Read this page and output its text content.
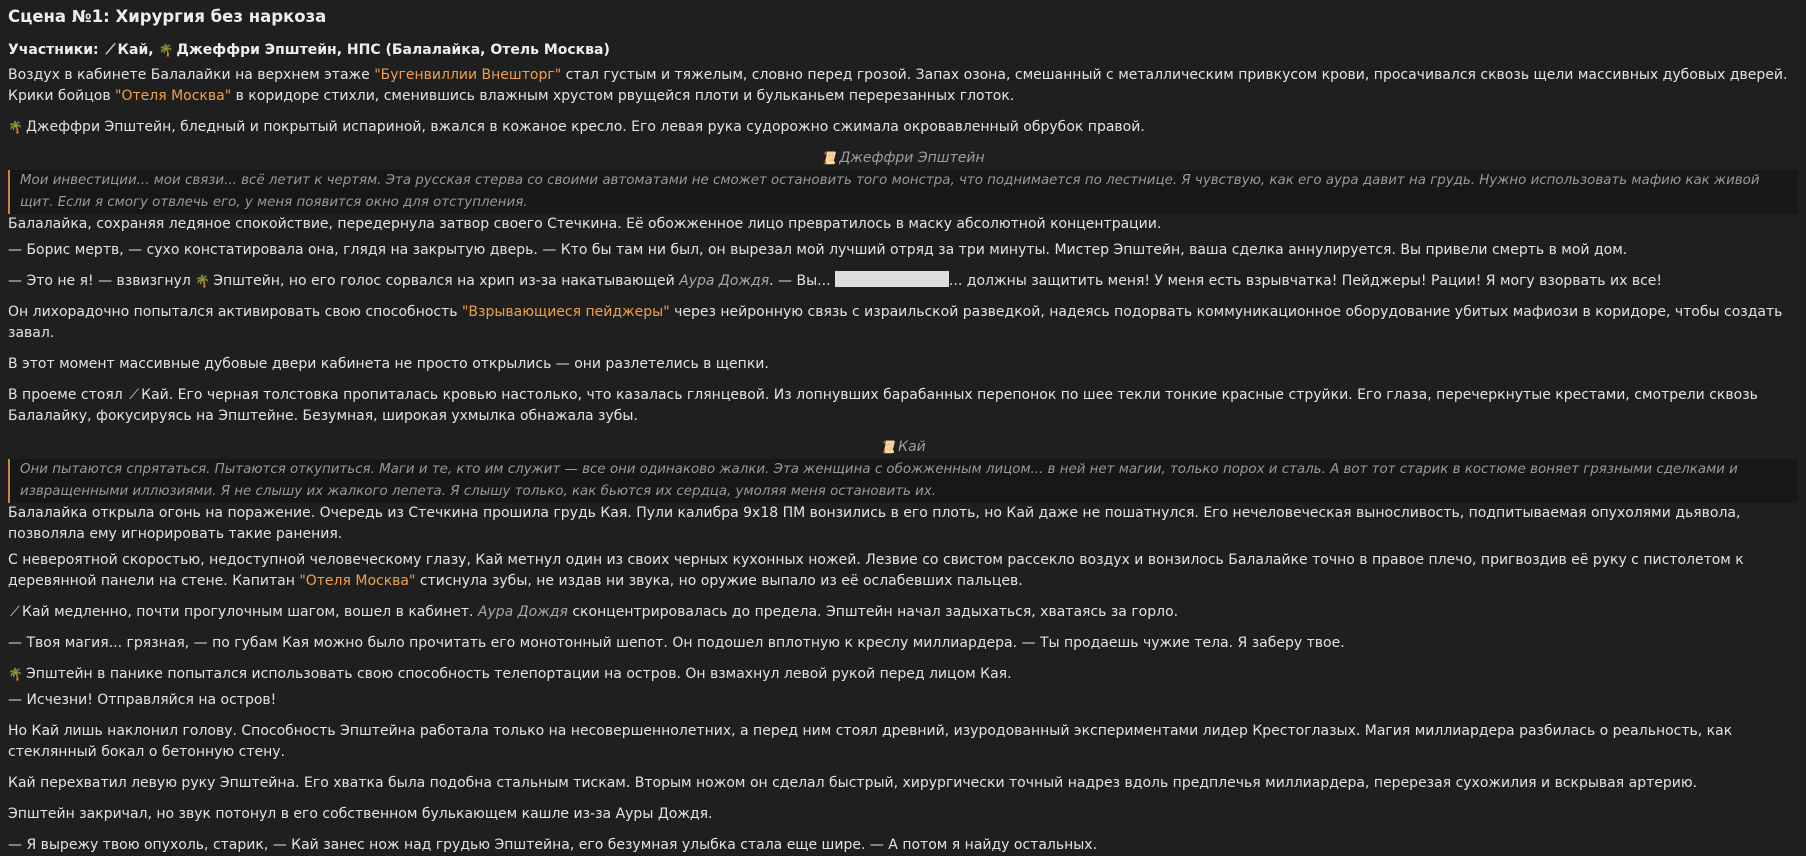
Сцена №1: Хирургия без наркоза
Участники: ⟋ Кай, 🌴 Джеффри Эпштейн, НПС (Балалайка, Отель Москва)

Воздух в кабинете Балалайки на верхнем этаже "Бугенвиллии Внешторг" стал густым и тяжелым, словно перед грозой. Запах озона, смешанный с металлическим привкусом крови, просачивался сквозь щели массивных дубовых дверей. Крики бойцов "Отеля Москва" в коридоре стихли, сменившись влажным хрустом рвущейся плоти и бульканьем перерезанных глоток.

🌴 Джеффри Эпштейн, бледный и покрытый испариной, вжался в кожаное кресло. Его левая рука судорожно сжимала окровавленный обрубок правой.

📜 Джеффри Эпштейн
Мои инвестиции... мои связи... всё летит к чертям. Эта русская стерва со своими автоматами не сможет остановить того монстра, что поднимается по лестнице. Я чувствую, как его аура давит на грудь. Нужно использовать мафию как живой щит. Если я смогу отвлечь его, у меня появится окно для отступления.

Балалайка, сохраняя ледяное спокойствие, передернула затвор своего Стечкина. Её обожженное лицо превратилось в маску абсолютной концентрации.

— Борис мертв, — сухо констатировала она, глядя на закрытую дверь. — Кто бы там ни был, он вырезал мой лучший отряд за три минуты. Мистер Эпштейн, ваша сделка аннулируется. Вы привели смерть в мой дом.

— Это не я! — взвизгнул 🌴 Эпштейн, но его голос сорвался на хрип из-за накатывающей Аура Дождя. — Вы...	... должны защитить меня! У меня есть взрывчатка! Пейджеры! Рации! Я могу взорвать их все!

Он лихорадочно попытался активировать свою способность "Взрывающиеся пейджеры" через нейронную связь с израильской разведкой, надеясь подорвать коммуникационное оборудование убитых мафиози в коридоре, чтобы создать завал.

В этот момент массивные дубовые двери кабинета не просто открылись — они разлетелись в щепки.

В проеме стоял ⟋ Кай. Его черная толстовка пропиталась кровью настолько, что казалась глянцевой. Из лопнувших барабанных перепонок по шее текли тонкие красные струйки. Его глаза, перечеркнутые крестами, смотрели сквозь Балалайку, фокусируясь на Эпштейне. Безумная, широкая ухмылка обнажала зубы.

📜 Кай
Они пытаются спрятаться. Пытаются откупиться. Маги и те, кто им служит — все они одинаково жалки. Эта женщина с обожженным лицом... в ней нет магии, только порох и сталь. А вот тот старик в костюме воняет грязными сделками и извращенными иллюзиями. Я не слышу их жалкого лепета. Я слышу только, как бьются их сердца, умоляя меня остановить их.

Балалайка открыла огонь на поражение. Очередь из Стечкина прошила грудь Кая. Пули калибра 9х18 ПМ вонзились в его плоть, но Кай даже не пошатнулся. Его нечеловеческая выносливость, подпитываемая опухолями дьявола, позволяла ему игнорировать такие ранения.

С невероятной скоростью, недоступной человеческому глазу, Кай метнул один из своих черных кухонных ножей. Лезвие со свистом рассекло воздух и вонзилось Балалайке точно в правое плечо, пригвоздив её руку с пистолетом к деревянной панели на стене. Капитан "Отеля Москва" стиснула зубы, не издав ни звука, но оружие выпало из её ослабевших пальцев.

⟋ Кай медленно, почти прогулочным шагом, вошел в кабинет. Аура Дождя сконцентрировалась до предела. Эпштейн начал задыхаться, хватаясь за горло.

— Твоя магия... грязная, — по губам Кая можно было прочитать его монотонный шепот. Он подошел вплотную к креслу миллиардера. — Ты продаешь чужие тела. Я заберу твое.

🌴 Эпштейн в панике попытался использовать свою способность телепортации на остров. Он взмахнул левой рукой перед лицом Кая.

— Исчезни! Отправляйся на остров!

Но Кай лишь наклонил голову. Способность Эпштейна работала только на несовершеннолетних, а перед ним стоял древний, изуродованный экспериментами лидер Крестоглазых. Магия миллиардера разбилась о реальность, как стеклянный бокал о бетонную стену.

Кай перехватил левую руку Эпштейна. Его хватка была подобна стальным тискам. Вторым ножом он сделал быстрый, хирургически точный надрез вдоль предплечья миллиардера, перерезая сухожилия и вскрывая артерию.

Эпштейн закричал, но звук потонул в его собственном булькающем кашле из-за Ауры Дождя.

— Я вырежу твою опухоль, старик, — Кай занес нож над грудью Эпштейна, его безумная улыбка стала еще шире. — А потом я найду остальных.
